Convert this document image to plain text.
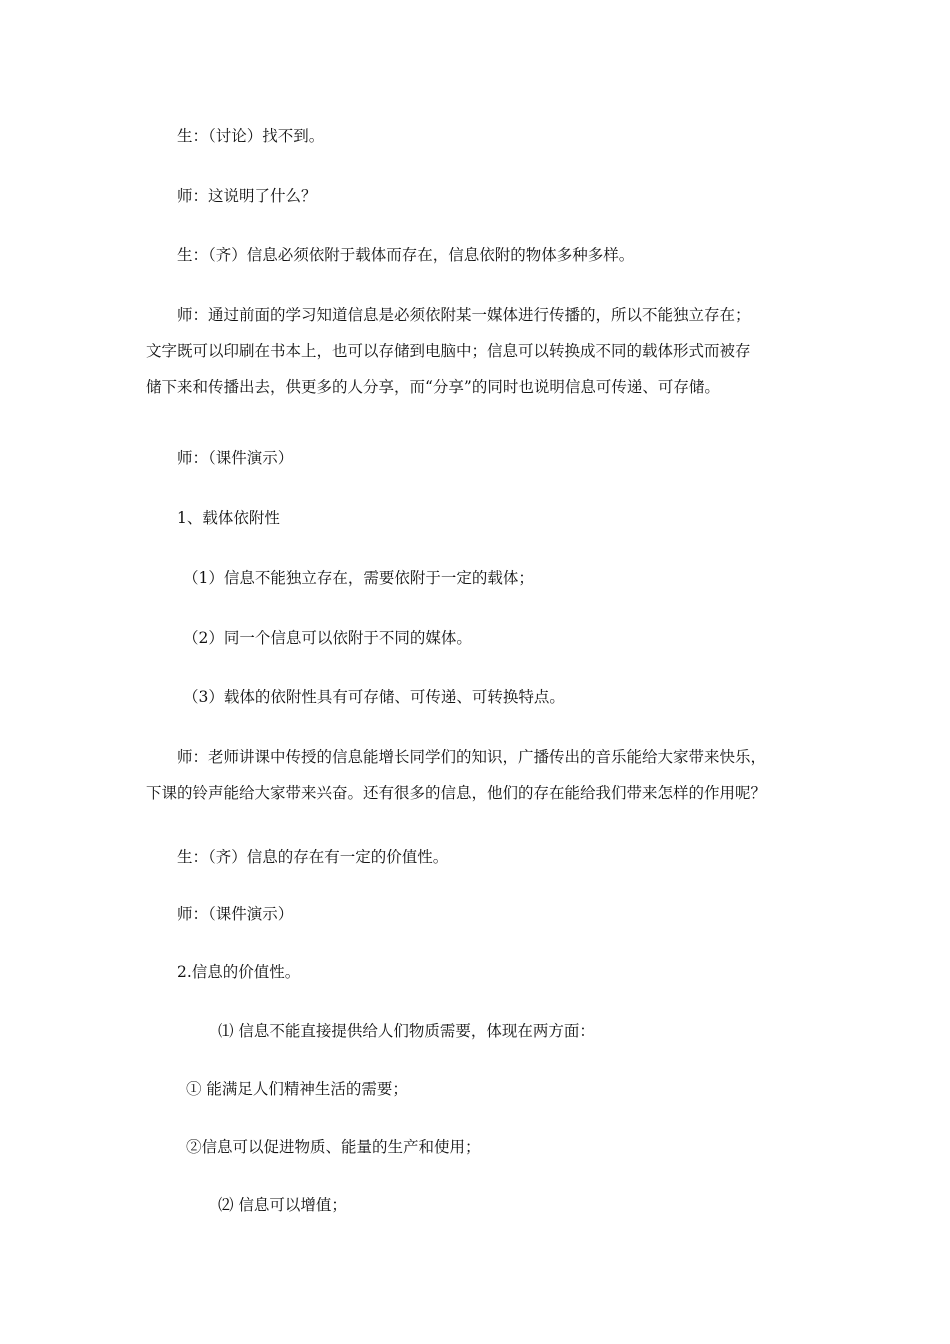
生：（讨论）找不到。

师：这说明了什么？

生：（齐）信息必须依附于载体而存在，信息依附的物体多种多样。

师：通过前面的学习知道信息是必须依附某一媒体进行传播的，所以不能独立存在；
文字既可以印刷在书本上，也可以存储到电脑中；信息可以转换成不同的载体形式而被存
储下来和传播出去，供更多的人分享，而“分享”的同时也说明信息可传递、可存储。

师：（课件演示）

1、载体依附性

（1）信息不能独立存在，需要依附于一定的载体；

（2）同一个信息可以依附于不同的媒体。

（3）载体的依附性具有可存储、可传递、可转换特点。

师：老师讲课中传授的信息能增长同学们的知识，广播传出的音乐能给大家带来快乐，
下课的铃声能给大家带来兴奋。还有很多的信息，他们的存在能给我们带来怎样的作用呢？

生：（齐）信息的存在有一定的价值性。

师：（课件演示）

2.信息的价值性。

⑴ 信息不能直接提供给人们物质需要，体现在两方面：

① 能满足人们精神生活的需要；

②信息可以促进物质、能量的生产和使用；

⑵ 信息可以增值；
